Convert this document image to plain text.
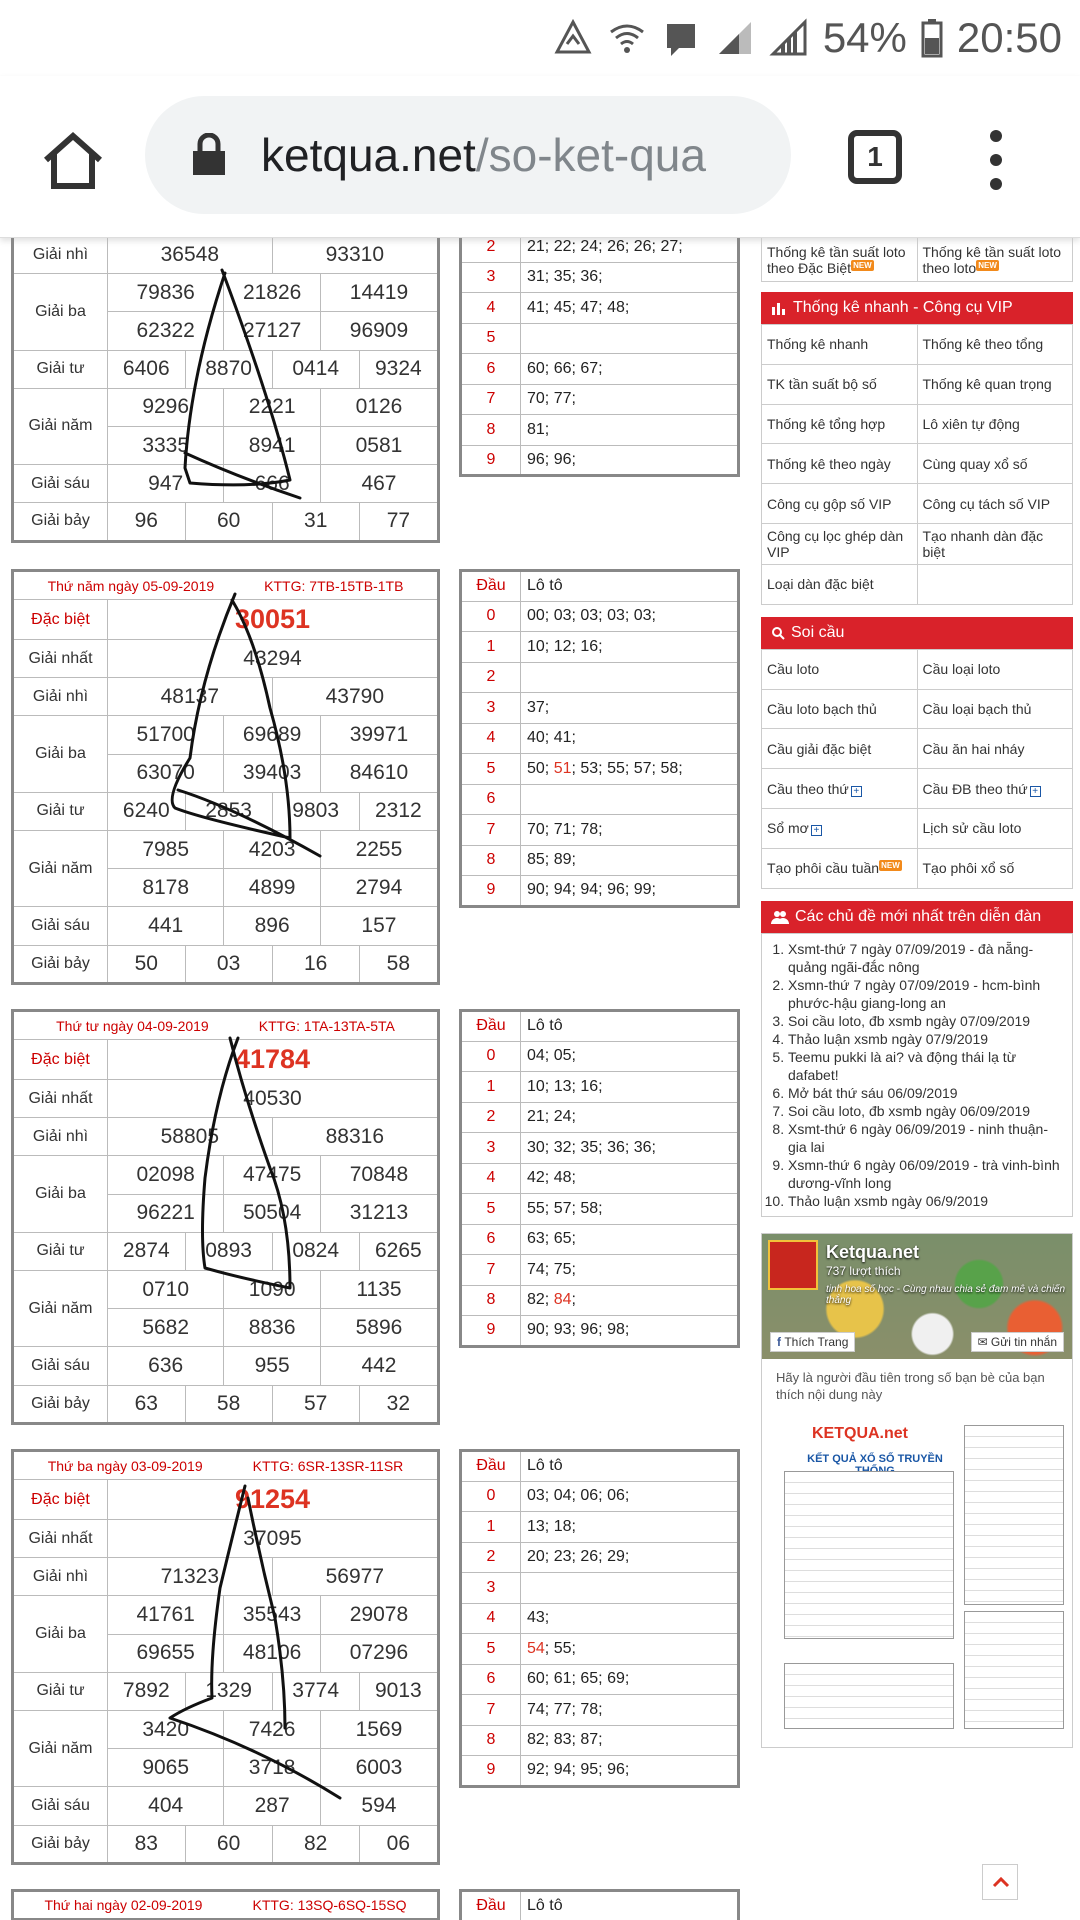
54% 20:50
ketqua.net /so-ket-qua	1
Giải nhì	36548			93310		
Giải ba	79836		21826		14419	
	62322		27127		96909	
Giải tư	6406	8870		0414		9324
Giải năm	9296		2221		0126	
	3335		8941		0581	
Giải sáu	947		666		467	
Giải bảy	96	60		31		77
2	21; 22; 24; 26; 26; 27;
3	31; 35; 36;
4	41; 45; 47; 48;
5	
6	60; 66; 67;
7	70; 77;
8	81;
9	96; 96;
Thứ năm ngày 05-09-2019 KTTG: 7TB-15TB-1TB						
Đặc biệt	30051					
Giải nhất	43294					
Giải nhì	48137			43790		
Giải ba	51700		69689		39971	
	63070		39403		84610	
Giải tư	6240	2853		9803		2312
Giải năm	7985		4203		2255	
	8178		4899		2794	
Giải sáu	441		896		157	
Giải bảy	50	03		16		58
Đầu	Lô tô
0	00; 03; 03; 03; 03;
1	10; 12; 16;
2	
3	37;
4	40; 41;
5	50; 51; 53; 55; 57; 58;
6	
7	70; 71; 78;
8	85; 89;
9	90; 94; 94; 96; 99;
Thứ tư ngày 04-09-2019 KTTG: 1TA-13TA-5TA						
Đặc biệt	41784					
Giải nhất	40530					
Giải nhì	58805			88316		
Giải ba	02098		47475		70848	
	96221		50504		31213	
Giải tư	2874	0893		0824		6265
Giải năm	0710		1090		1135	
	5682		8836		5896	
Giải sáu	636		955		442	
Giải bảy	63	58		57		32
Đầu	Lô tô
0	04; 05;
1	10; 13; 16;
2	21; 24;
3	30; 32; 35; 36; 36;
4	42; 48;
5	55; 57; 58;
6	63; 65;
7	74; 75;
8	82; 84;
9	90; 93; 96; 98;
Thứ ba ngày 03-09-2019 KTTG: 6SR-13SR-11SR						
Đặc biệt	91254					
Giải nhất	37095					
Giải nhì	71323			56977		
Giải ba	41761		35543		29078	
	69655		48106		07296	
Giải tư	7892	1329		3774		9013
Giải năm	3420		7426		1569	
	9065		3718		6003	
Giải sáu	404		287		594	
Giải bảy	83	60		82		06
Đầu	Lô tô
0	03; 04; 06; 06;
1	13; 18;
2	20; 23; 26; 29;
3	
4	43;
5	54; 55;
6	60; 61; 65; 69;
7	74; 77; 78;
8	82; 83; 87;
9	92; 94; 95; 96;
Thứ hai ngày 02-09-2019	KTTG: 13SQ-6SQ-15SQ	Đầu	Lô tô
Thống kê tần suất loto theo Đặc Biệt NEW	Thống kê tần suất loto theo loto NEW
Thống kê nhanh - Công cụ VIP
Thống kê nhanh	Thống kê theo tổng
TK tần suất bộ số	Thống kê quan trọng
Thống kê tổng hợp	Lô xiên tự động
Thống kê theo ngày	Cùng quay xổ số
Công cụ gộp số VIP	Công cụ tách số VIP
Công cụ lọc ghép dàn VIP	Tạo nhanh dàn đặc biệt
Loại dàn đặc biệt	
Soi cầu
Cầu loto	Cầu loại loto
Cầu loto bạch thủ	Cầu loại bạch thủ
Cầu giải đặc biệt	Cầu ăn hai nháy
Cầu theo thứ +	Cầu ĐB theo thứ +
Sổ mơ +	Lịch sử cầu loto
Tạo phôi cầu tuần NEW	Tạo phôi xổ số
Các chủ đề mới nhất trên diễn đàn
1. Xsmt-thứ 7 ngày 07/09/2019 - đà nẵng-quảng ngãi-đắc nông
2. Xsmn-thứ 7 ngày 07/09/2019 - hcm-bình phước-hậu giang-long an
3. Soi cầu loto, đb xsmb ngày 07/09/2019
4. Thảo luận xsmb ngày 07/9/2019
5. Teemu pukki là ai? và động thái lạ từ dafabet!
6. Mở bát thứ sáu 06/09/2019
7. Soi cầu loto, đb xsmb ngày 06/09/2019
8. Xsmt-thứ 6 ngày 06/09/2019 - ninh thuận-gia lai
9. Xsmn-thứ 6 ngày 06/09/2019 - trà vinh-bình dương-vĩnh long
10. Thảo luận xsmb ngày 06/9/2019
Ketqua.net
737 lượt thích
tinh hoa số học - Cùng nhau chia sẻ đam mê và chiến thắng
f Thích Trang	✉ Gửi tin nhắn
Hãy là người đầu tiên trong số bạn bè của bạn thích nội dung này
KETQUA.net
KẾT QUẢ XỔ SỐ TRUYỀN
